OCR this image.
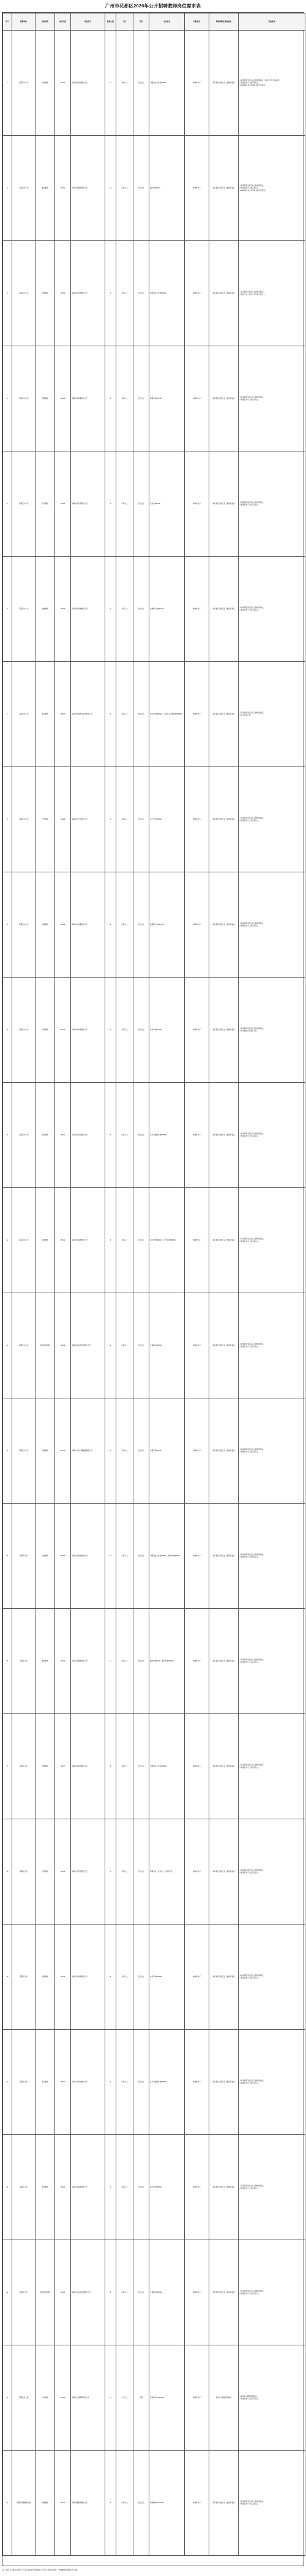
广州市花都区2026年公开招聘教师岗位需求表
序号	招聘单位	岗位名称	岗位代码	岗位简介	招聘人数	学历	学位	专业要求	年龄要求	职称或职业资格要求	其他要求
1	花都区中小学	语文教师	26001	从事中学语文教学工作	11	本科以上	学士以上	中国语言文学类(B0501)	35周岁以下	具有相应学段及以上教师资格证	1.具有相应学段及以上教师资格证，或持有考试合格证明；
2.普通话水平二级甲等以上。
3.2026届毕业生可持就业推荐表报名。

2	花都区中小学	数学教师	26002	从事中学数学教学工作	10	本科以上	学士以上	数学类(B0701)	35周岁以下	具有相应学段及以上教师资格证	1.具有相应学段及以上教师资格证；
2.普通话水平二级乙等以上。
3.2026届毕业生可持就业推荐表报名。

3	花都区中小学	英语教师	26003	从事中学英语教学工作	9	本科以上	学士以上	外国语言文学类(B0502)	35周岁以下	具有相应学段及以上教师资格证	1.具有相应学段及以上教师资格证；
2.英语专业八级或大学英语六级以上。

4	花都区中小学	物理教师	26004	从事中学物理教学工作	6	本科以上	学士以上	物理学类(B0702)	35周岁以下	具有相应学段及以上教师资格证	1.具有相应学段及以上教师资格证；
2.普通话水平二级乙等以上。

5	花都区中小学	化学教师	26005	从事中学化学教学工作	5	本科以上	学士以上	化学类(B0703)	35周岁以下	具有相应学段及以上教师资格证	1.具有相应学段及以上教师资格证；
2.普通话水平二级乙等以上。

6	花都区中小学	生物教师	26006	从事中学生物教学工作	4	本科以上	学士以上	生物科学类(B0710)	35周岁以下	具有相应学段及以上教师资格证	1.具有相应学段及以上教师资格证；
2.普通话水平二级乙等以上。

7	花都区中小学	政治教师	26007	从事中学道德与法治教学工作	4	本科以上	学士以上	政治学类(B0302)、马克思主义理论类(B0305)	35周岁以下	具有相应学段及以上教师资格证	1.具有相应学段及以上教师资格证；
2.中共党员优先。

8	花都区中小学	历史教师	26008	从事中学历史教学工作	4	本科以上	学士以上	历史学类(B0601)	35周岁以下	具有相应学段及以上教师资格证	1.具有相应学段及以上教师资格证；
2.普通话水平二级乙等以上。

9	花都区中小学	地理教师	26009	从事中学地理教学工作	3	本科以上	学士以上	地理科学类(B0705)	35周岁以下	具有相应学段及以上教师资格证	1.具有相应学段及以上教师资格证；
2.普通话水平二级乙等以上。

10	花都区中小学	体育教师	26010	从事中学体育教学工作	6	本科以上	学士以上	体育学类(B0403)	35周岁以下	具有相应学段及以上教师资格证	1.具有相应学段及以上教师资格证；
2.具有相应运动项目专长。

11	花都区中小学	音乐教师	26011	从事中学音乐教学工作	3	本科以上	学士以上	音乐与舞蹈学类(B0505)	35周岁以下	具有相应学段及以上教师资格证	1.具有相应学段及以上教师资格证；
2.普通话水平二级乙等以上。

12	花都区中小学	美术教师	26012	从事中学美术教学工作	3	本科以上	学士以上	美术学类(B0507)、设计学类(B0508)	35周岁以下	具有相应学段及以上教师资格证	1.具有相应学段及以上教师资格证；
2.普通话水平二级乙等以上。

13	花都区中小学	信息技术教师	26013	从事中学信息技术教学工作	3	本科以上	学士以上	计算机类(B0809)	35周岁以下	具有相应学段及以上教师资格证	1.具有相应学段及以上教师资格证；
2.普通话水平二级乙等以上。

14	花都区中小学	心理教师	26014	从事中小学心理健康教育工作	4	本科以上	学士以上	心理学类(B0711)	35周岁以下	具有相应学段及以上教师资格证	1.具有相应学段及以上教师资格证；
2.普通话水平二级乙等以上。

15	花都区小学	语文教师	26015	从事小学语文教学工作	16	本科以上	学士以上	中国语言文学类(B0501)、教育学类(B0401)	35周岁以下	具有相应学段及以上教师资格证	1.具有相应学段及以上教师资格证；
2.普通话水平二级甲等以上。

16	花都区小学	数学教师	26016	从事小学数学教学工作	14	本科以上	学士以上	数学类(B0701)、教育学类(B0401)	35周岁以下	具有相应学段及以上教师资格证	1.具有相应学段及以上教师资格证；
2.普通话水平二级乙等以上。

17	花都区小学	英语教师	26017	从事小学英语教学工作	8	本科以上	学士以上	外国语言文学类(B0502)	35周岁以下	具有相应学段及以上教师资格证	1.具有相应学段及以上教师资格证；
2.普通话水平二级乙等以上。

18	花都区小学	科学教师	26018	从事小学科学教学工作	4	本科以上	学士以上	物理学类、化学类、生物科学类	35周岁以下	具有相应学段及以上教师资格证	1.具有相应学段及以上教师资格证；
2.普通话水平二级乙等以上。

19	花都区小学	体育教师	26019	从事小学体育教学工作	6	本科以上	学士以上	体育学类(B0403)	35周岁以下	具有相应学段及以上教师资格证	1.具有相应学段及以上教师资格证；
2.普通话水平二级乙等以上。

20	花都区小学	音乐教师	26020	从事小学音乐教学工作	4	本科以上	学士以上	音乐与舞蹈学类(B0505)	35周岁以下	具有相应学段及以上教师资格证	1.具有相应学段及以上教师资格证；
2.普通话水平二级乙等以上。

21	花都区小学	美术教师	26021	从事小学美术教学工作	4	本科以上	学士以上	美术学类(B0507)	35周岁以下	具有相应学段及以上教师资格证	1.具有相应学段及以上教师资格证；
2.普通话水平二级乙等以上。

22	花都区小学	信息技术教师	26022	从事小学信息技术教学工作	3	本科以上	学士以上	计算机类(B0809)	35周岁以下	具有相应学段及以上教师资格证	1.具有相应学段及以上教师资格证；
2.普通话水平二级乙等以上。

23	花都区幼儿园	幼儿教师	26023	从事幼儿园保育教育工作	12	大专以上	不限	学前教育(C040106)	30周岁以下	具有幼儿园教师资格证	1.具有幼儿园教师资格证；
2.普通话水平二级乙等以上。

24	花都区特殊教育学校	特教教师	26024	从事特殊教育教学工作	3	本科以上	学士以上	特殊教育(B040108)	35周岁以下	具有相应学段及以上教师资格证	1.具有相应学段及以上教师资格证；
2.普通话水平二级乙等以上。
注：岗位专业参考目录为《广东省2026年考试录用公务员专业参考目录》；详细要求以招聘公告为准。
